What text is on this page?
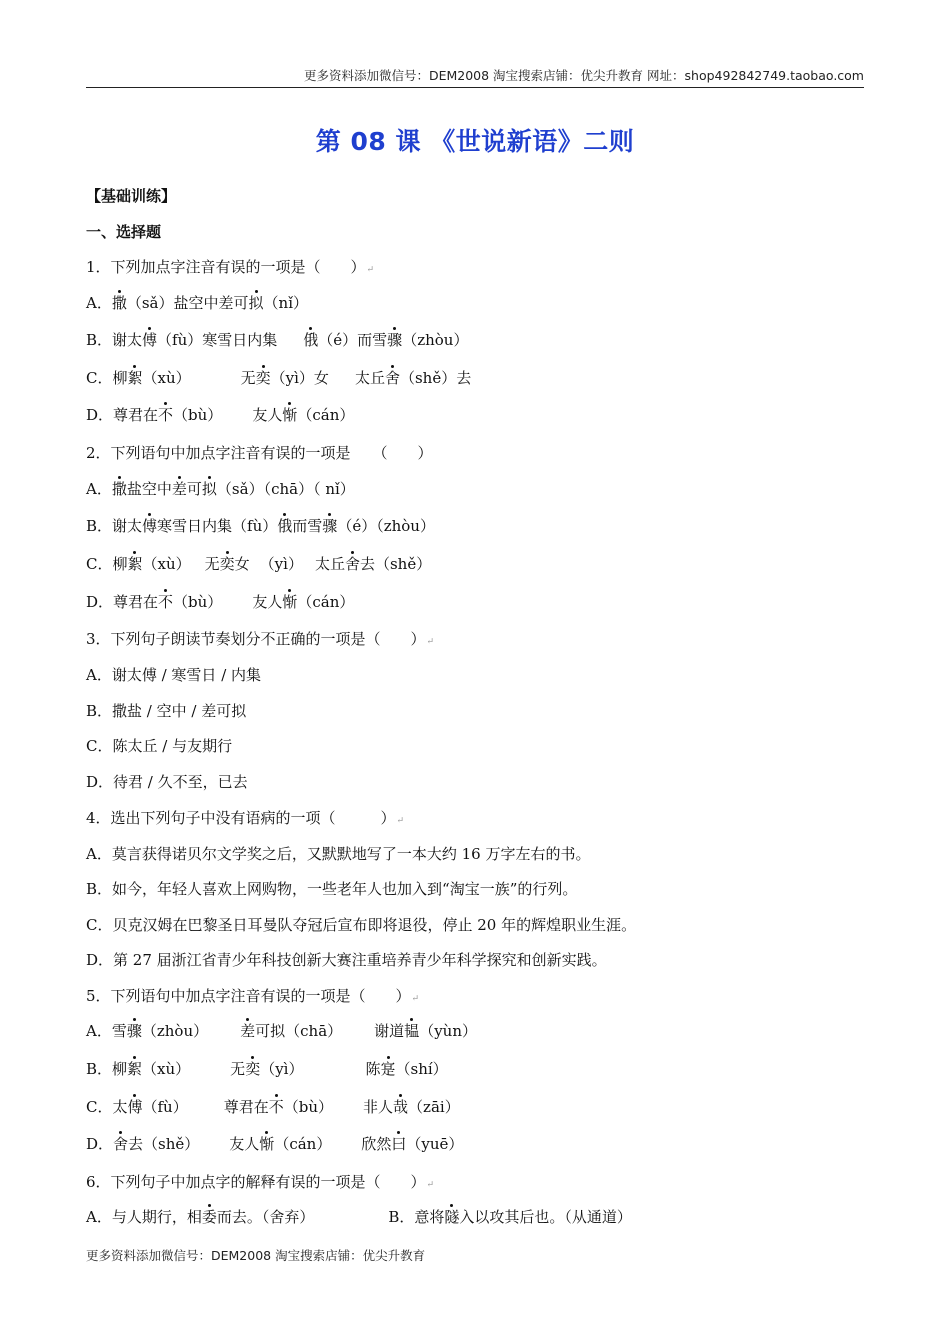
更多资料添加微信号：DEM2008 淘宝搜索店铺：优尖升教育 网址：shop492842749.taobao.com
第 08 课 《世说新语》二则
【基础训练】
一、选择题
1．下列加点字注音有误的一项是（　　）↵
A．撒（sǎ）盐空中差可拟（nǐ）
B．谢太傅（fù）寒雪日内集 俄（é）而雪骤（zhòu）
C．柳絮（xù）	无奕（yì）女 太丘舍（shě）去
D．尊君在不（bù） 友人惭（cán）
2．下列语句中加点字注音有误的一项是 （　　）
A．撒盐空中差可拟（sǎ）（chā）（ nǐ）
B．谢太傅寒雪日内集（fù）俄而雪骤（é）（zhòu）
C．柳絮（xù） 无奕女 （yì） 太丘舍去（shě）
D．尊君在不（bù） 友人惭（cán）
3．下列句子朗读节奏划分不正确的一项是（　　）↵
A．谢太傅 / 寒雪日 / 内集
B．撒盐 / 空中 / 差可拟
C．陈太丘 / 与友期行
D．待君 / 久不至，已去
4．选出下列句子中没有语病的一项（　　　）↵
A．莫言获得诺贝尔文学奖之后，又默默地写了一本大约 16 万字左右的书。
B．如今，年轻人喜欢上网购物，一些老年人也加入到“淘宝一族”的行列。
C．贝克汉姆在巴黎圣日耳曼队夺冠后宣布即将退役，停止 20 年的辉煌职业生涯。
D．第 27 届浙江省青少年科技创新大赛注重培养青少年科学探究和创新实践。
5．下列语句中加点字注音有误的一项是（　　）↵
A．雪骤（zhòu） 差可拟（chā） 谢道韫（yùn）
B．柳絮（xù）	无奕（yì）	陈寔（shí）
C．太傅（fù） 尊君在不（bù） 非人哉（zāi）
D．舍去（shě） 友人惭（cán） 欣然曰（yuē）
6．下列句子中加点字的解释有误的一项是（　　）↵
A．与人期行，相委而去。（舍弃）	B．意将隧入以攻其后也。（从通道）
更多资料添加微信号：DEM2008 淘宝搜索店铺：优尖升教育
